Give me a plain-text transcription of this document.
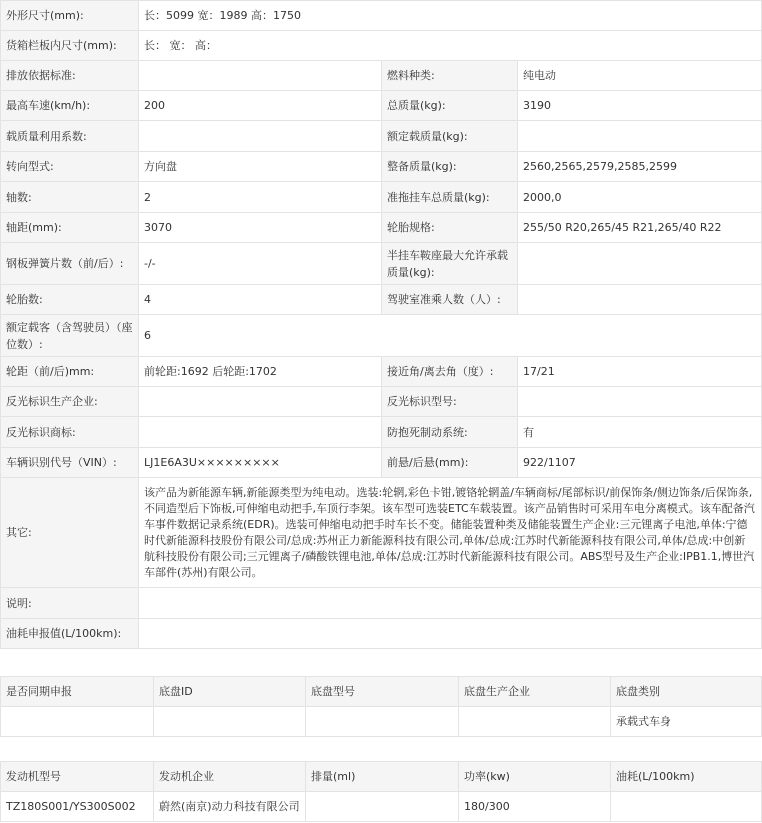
外形尺寸(mm):	长：5099 宽：1989 高：1750		
货箱栏板内尺寸(mm):	长： 宽： 高：		
排放依据标准:		燃料种类:	纯电动
最高车速(km/h):	200	总质量(kg):	3190
载质量利用系数:		额定载质量(kg):	
转向型式:	方向盘	整备质量(kg):	2560,2565,2579,2585,2599
轴数:	2	准拖挂车总质量(kg):	2000,0
轴距(mm):	3070	轮胎规格:	255/50 R20,265/45 R21,265/40 R22
钢板弹簧片数（前/后）:	-/-	半挂车鞍座最大允许承载质量(kg):	
轮胎数:	4	驾驶室准乘人数（人）:	
额定载客（含驾驶员）（座位数）:	6		
轮距（前/后)mm:	前轮距:1692 后轮距:1702	接近角/离去角（度）:	17/21
反光标识生产企业:		反光标识型号:	
反光标识商标:		防抱死制动系统:	有
车辆识别代号（VIN）:	LJ1E6A3U×××××××××	前悬/后悬(mm):	922/1107
其它:	该产品为新能源车辆,新能源类型为纯电动。选装:轮辋,彩色卡钳,镀铬轮辋盖/车辆商标/尾部标识/前保饰条/侧边饰条/后保饰条,不同造型后下饰板,可伸缩电动把手,车顶行李架。该车型可选装ETC车载装置。该产品销售时可采用车电分离模式。该车配备汽车事件数据记录系统(EDR)。选装可伸缩电动把手时车长不变。储能装置种类及储能装置生产企业:三元锂离子电池,单体:宁德时代新能源科技股份有限公司/总成:苏州正力新能源科技有限公司,单体/总成:江苏时代新能源科技有限公司,单体/总成:中创新航科技股份有限公司;三元锂离子/磷酸铁锂电池,单体/总成:江苏时代新能源科技有限公司。ABS型号及生产企业:IPB1.1,博世汽车部件(苏州)有限公司。		
说明:			
油耗申报值(L/100km):			
是否同期申报	底盘ID	底盘型号	底盘生产企业	底盘类别
				承载式车身
发动机型号	发动机企业	排量(ml)	功率(kw)	油耗(L/100km)
TZ180S001/YS300S002	蔚然(南京)动力科技有限公司		180/300	
